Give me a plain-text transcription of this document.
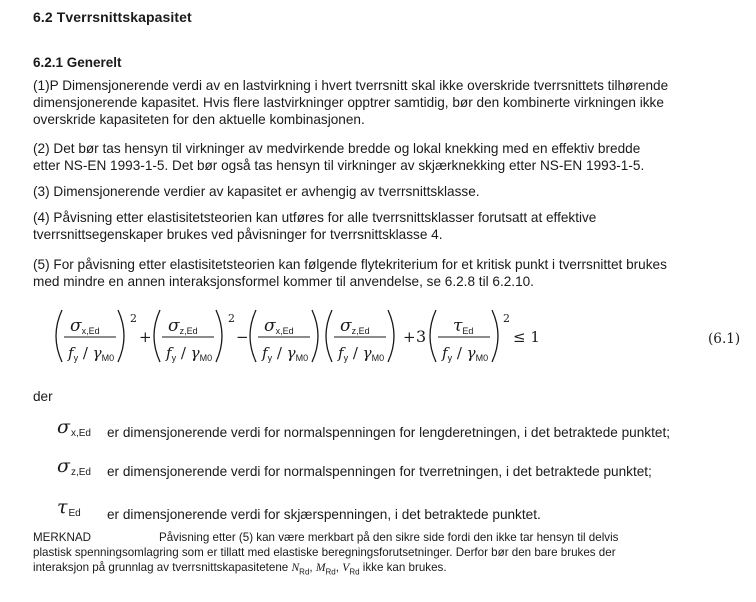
6.2 Tverrsnittskapasitet
6.2.1 Generelt
(1)P Dimensjonerende verdi av en lastvirkning i hvert tverrsnitt skal ikke overskride tverrsnittets tilhørende
dimensjonerende kapasitet. Hvis flere lastvirkninger opptrer samtidig, bør den kombinerte virkningen ikke
overskride kapasiteten for den aktuelle kombinasjonen.
(2) Det bør tas hensyn til virkninger av medvirkende bredde og lokal knekking med en effektiv bredde
etter NS-EN 1993-1-5. Det bør også tas hensyn til virkninger av skjærknekking etter NS-EN 1993-1-5.
(3) Dimensjonerende verdier av kapasitet er avhengig av tverrsnittsklasse.
(4) Påvisning etter elastisitetsteorien kan utføres for alle tverrsnittsklasser forutsatt at effektive
tverrsnittsegenskaper brukes ved påvisninger for tverrsnittsklasse 4.
(5) For påvisning etter elastisitetsteorien kan følgende flytekriterium for et kritisk punkt i tverrsnittet brukes
med mindre en annen interaksjonsformel kommer til anvendelse, se 6.2.8 til 6.2.10.
σx,Ed	σz,Ed	σx,Ed	σz,Ed	τEd
$f_y / \gamma_{M0}$	$f_y / \gamma_{M0}$	$f_y / \gamma_{M0}$ $f_y / \gamma_{M0}$	$f_y / \gamma_{M0}$
2	2	2
+	−	+ 3	≤ 1	(6.1)
der
$\sigma_{x,Ed}$ er dimensjonerende verdi for normalspenningen for lengderetningen, i det betraktede punktet;
$\sigma_{z,Ed}$ er dimensjonerende verdi for normalspenningen for tverretningen, i det betraktede punktet;
$\tau_{Ed}$ er dimensjonerende verdi for skjærspenningen, i det betraktede punktet.
MERKNAD	Påvisning etter (5) kan være merkbart på den sikre side fordi den ikke tar hensyn til delvis
plastisk spenningsomlagring som er tillatt med elastiske beregningsforutsetninger. Derfor bør den bare brukes der
interaksjon på grunnlag av tverrsnittskapasitetene $N_{Rd}$, $M_{Rd}$, $V_{Rd}$ ikke kan brukes.
